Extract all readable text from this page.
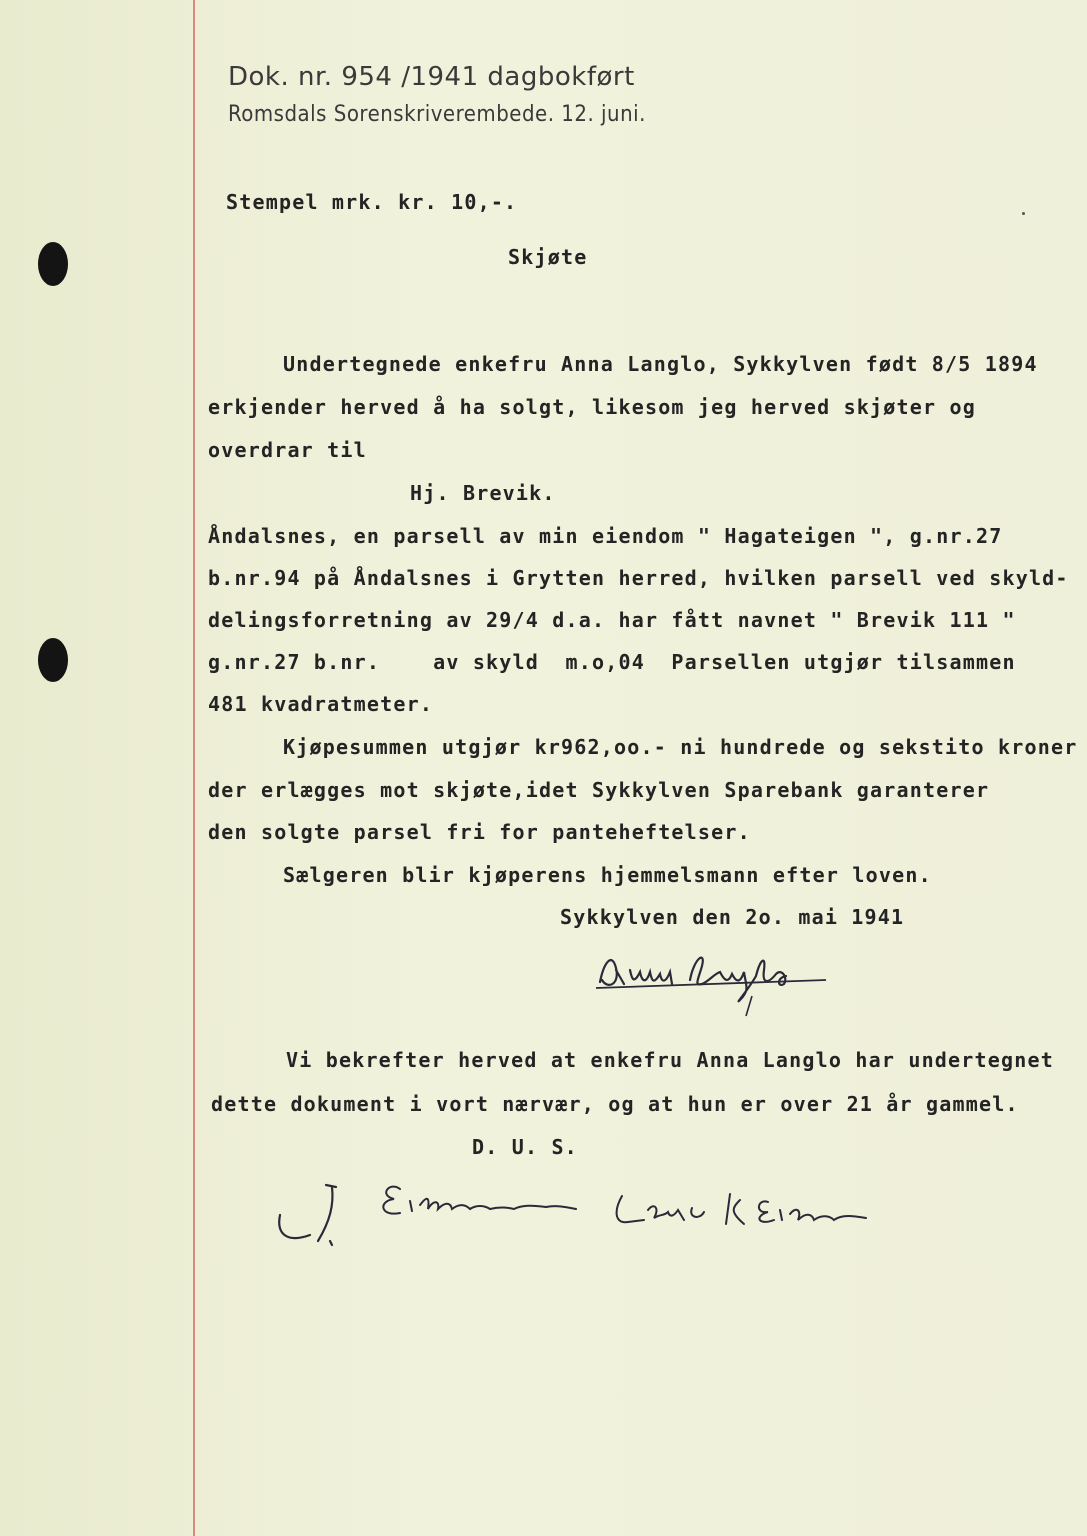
Dok. nr. 954 /1941 dagbokført
Romsdals Sorenskriverembede. 12. juni.
Stempel mrk. kr. 10,-.
Skjøte
Undertegnede enkefru Anna Langlo, Sykkylven født 8/5 1894
erkjender herved å ha solgt, likesom jeg herved skjøter og
overdrar til
Hj. Brevik.
Åndalsnes, en parsell av min eiendom " Hagateigen ", g.nr.27
b.nr.94 på Åndalsnes i Grytten herred, hvilken parsell ved skyld-
delingsforretning av 29/4 d.a. har fått navnet " Brevik 111 "
g.nr.27 b.nr.    av skyld  m.o,04  Parsellen utgjør tilsammen
481 kvadratmeter.
Kjøpesummen utgjør kr962,oo.- ni hundrede og sekstito kroner
der erlægges mot skjøte,idet Sykkylven Sparebank garanterer
den solgte parsel fri for panteheftelser.
Sælgeren blir kjøperens hjemmelsmann efter loven.
Sykkylven den 2o. mai 1941
Vi bekrefter herved at enkefru Anna Langlo har undertegnet
dette dokument i vort nærvær, og at hun er over 21 år gammel.
D. U. S.
